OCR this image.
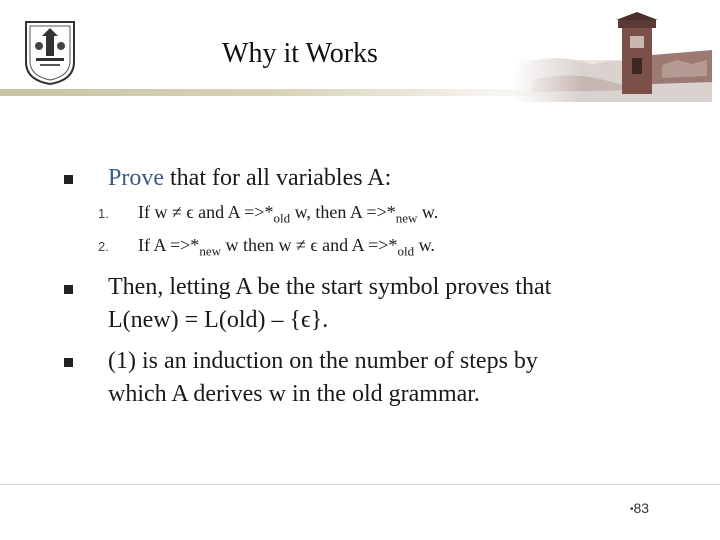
Why it Works
Prove that for all variables A:
1. If w ≠ ϵ and $A =>*_{old}$ w, then $A =>*_{new}$ w.
2. If $A =>*_{new}$ w then w ≠ ϵ and $A =>*_{old}$ w.
Then, letting A be the start symbol proves that
L(new) = L(old) – {ϵ}.
(1) is an induction on the number of steps by
which A derives w in the old grammar.
•83
